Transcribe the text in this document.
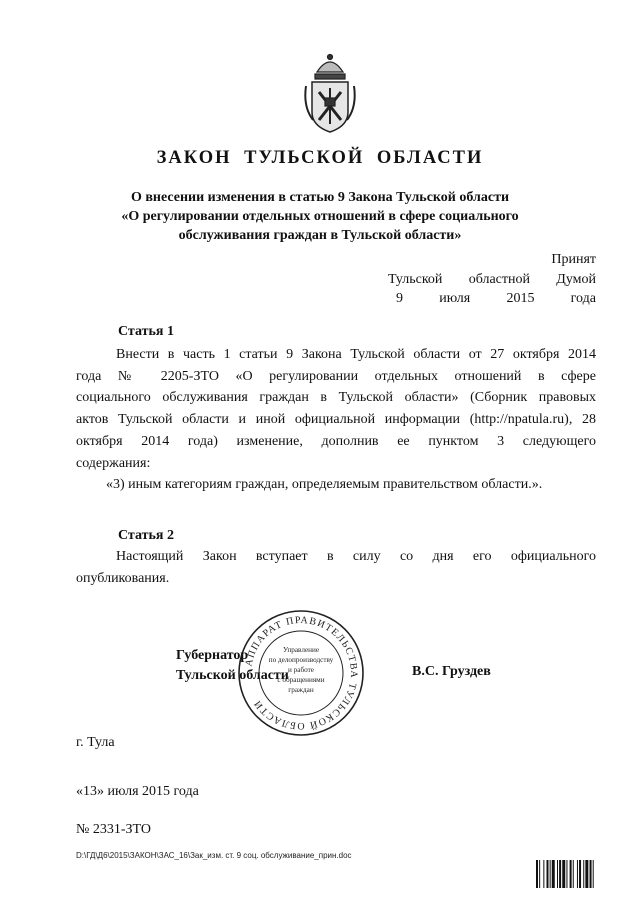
ЗАКОН ТУЛЬСКОЙ ОБЛАСТИ
О внесении изменения в статью 9 Закона Тульской области
«О регулировании отдельных отношений в сфере социального
обслуживания граждан в Тульской области»
Принят
Тульской областной Думой
9	июля	2015	года
Статья 1
Внести в часть 1 статьи 9 Закона Тульской области от 27 октября 2014
года № 2205-ЗТО «О регулировании отдельных отношений в сфере
социального обслуживания граждан в Тульской области» (Сборник правовых
актов Тульской области и иной официальной информации (http://npatula.ru), 28
октября 2014 года) изменение, дополнив ее пунктом 3 следующего
содержания:
«3) иным категориям граждан, определяемым правительством области.».
Статья 2
Настоящий Закон вступает в силу со дня его официального
опубликования.
АППАРАТ ПРАВИТЕЛЬСТВА ТУЛЬСКОЙ ОБЛАСТИ
Управление
по делопроизводству
и работе
с обращениями
граждан
Губернатор
Тульской области	В.С. Груздев
г. Тула
«13» июля 2015 года
№ 2331-ЗТО
D:\ГД\Д6\2015\ЗАКОН\ЗАС_16\Зак_изм. ст. 9 соц. обслуживание_прин.doc
